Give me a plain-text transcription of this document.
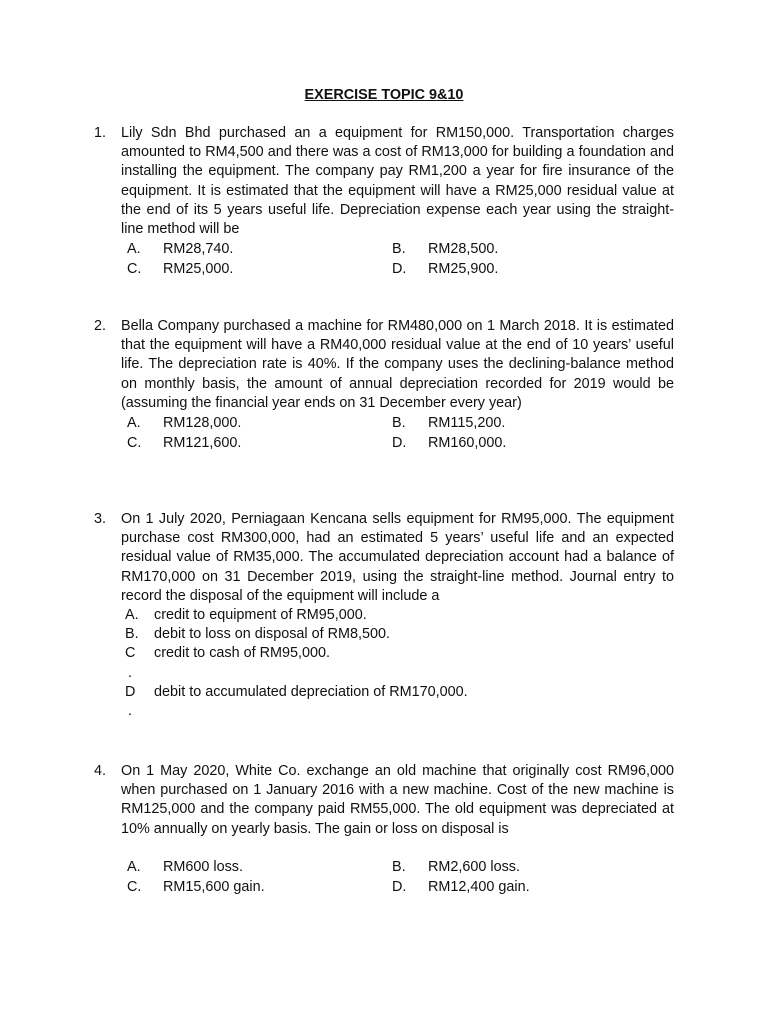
EXERCISE TOPIC 9&10
1. Lily Sdn Bhd purchased an a equipment for RM150,000. Transportation charges amounted to RM4,500 and there was a cost of RM13,000 for building a foundation and installing the equipment. The company pay RM1,200 a year for fire insurance of the equipment. It is estimated that the equipment will have a RM25,000 residual value at the end of its 5 years useful life. Depreciation expense each year using the straight-line method will be
A. RM28,740.	B. RM28,500.
C. RM25,000.	D. RM25,900.
2. Bella Company purchased a machine for RM480,000 on 1 March 2018. It is estimated that the equipment will have a RM40,000 residual value at the end of 10 years’ useful life. The depreciation rate is 40%. If the company uses the declining-balance method on monthly basis, the amount of annual depreciation recorded for 2019 would be (assuming the financial year ends on 31 December every year)
A. RM128,000.	B. RM115,200.
C. RM121,600.	D. RM160,000.
3. On 1 July 2020, Perniagaan Kencana sells equipment for RM95,000. The equipment purchase cost RM300,000, had an estimated 5 years’ useful life and an expected residual value of RM35,000. The accumulated depreciation account had a balance of RM170,000 on 31 December 2019, using the straight-line method. Journal entry to record the disposal of the equipment will include a
A. credit to equipment of RM95,000.
B. debit to loss on disposal of RM8,500.
C credit to cash of RM95,000.
.
D debit to accumulated depreciation of RM170,000.
.
4. On 1 May 2020, White Co. exchange an old machine that originally cost RM96,000 when purchased on 1 January 2016 with a new machine. Cost of the new machine is RM125,000 and the company paid RM55,000. The old equipment was depreciated at 10% annually on yearly basis. The gain or loss on disposal is
A. RM600 loss.	B. RM2,600 loss.
C. RM15,600 gain.	D. RM12,400 gain.
